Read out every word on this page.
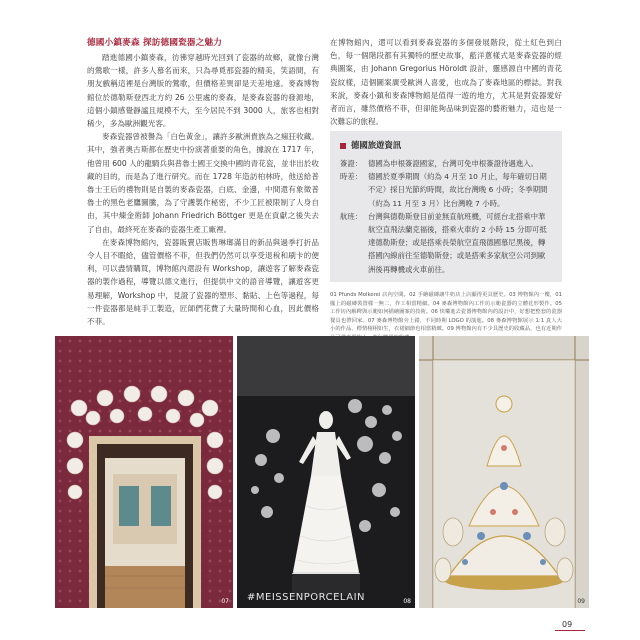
德國小鎮麥森 探訪德國瓷器之魅力

踏進德國小鎮麥森，彷彿穿越時光回到了瓷器的故鄉，就像台灣的鶯歌一樣，許多人慕名而來，只為尋覓那瓷器的精美，笑語間，有朋友戲稱這裡是台灣版的鶯歌，但價格差異卻是天差地遠。麥森博物館位於德勒斯登西北方約 26 公里處的麥森，是麥森瓷器的發源地，這個小鎮感覺靜謐且規模不大，至今居民不到 3000 人，旅客也相對稀少，多為歐洲觀光客。

麥森瓷器曾被譽為「白色黃金」，讓許多歐洲貴族為之瘋狂收藏。其中，強者奧古斯都在歷史中扮演著重要的角色，據說在 1717 年，他曾用 600 人的龍騎兵與普魯士國王交換中國的青花瓷，並非出於收藏的目的，而是為了進行研究。而在 1728 年造訪柏林時，他送給普魯士王后的禮物則是自製的麥森瓷器，白底、金邊，中間還有象徵普魯士的黑色老鷹圖騰，為了守護製作秘密，不少工匠被限制了人身自由，其中煉金術師 Johann Friedrich Böttger 更是在貢獻之後失去了自由，最終死在麥森的瓷器生產工廠裡。

在麥森博物館內，瓷器販賣店販售琳瑯滿目的新品與過季打折品令人目不暇給，儘管價格不菲，但我們仍然可以享受退稅和刷卡的便利，可以盡情購買，博物館內還設有 Workshop，讓遊客了解麥森瓷器的製作過程，導覽以德文進行，但提供中文的語音導覽，讓遊客更易理解，Workshop 中，見證了瓷器的塑形、黏貼、上色等過程，每一件瓷器都是純手工製造，匠師們花費了大量時間和心血，因此價格不菲。

在博物館內，還可以看到麥森瓷器的多個發展階段，從土紅色到白色，每一個階段都有其獨特的歷史故事，藍洋蔥樣式是麥森瓷器的經典圖案，由 Johann Gregorius Höroldt 設計，靈感源自中國的青花瓷紋樣，這個圖案廣受歐洲人喜愛，也成為了麥森地區的標誌。對我來說，麥森小鎮和麥森博物館是值得一遊的地方，尤其是對瓷器愛好者而言，雖然價格不菲，但卻能夠品味到瓷器的藝術魅力，這也是一次難忘的旅程。

德國旅遊資訊
簽證： 德國為申根簽證國家，台灣可免申根簽證待遇進入。
時差： 德國於夏季期間（約為 4 月至 10 月止，每年確切日期不定）採日光節約時間，故比台灣晚 6 小時；冬季期間（約為 11 月至 3 月）比台灣晚 7 小時。
航班： 台灣與德勒斯登目前並無直航班機，可經台北搭乘中華航空直飛法蘭克福後，搭乘火車約 2 小時 15 分即可抵達德勒斯登；或是搭乘長榮航空直飛德國慕尼黑後，轉搭國內線前往至德勒斯登；或是搭乘多家航空公司到歐洲後再轉機或火車前往。
01 Pfunds Molkerei 店內空間。02 手繪磁磚讓牛奶店上店顯得更具歷史。03 博物館內一樓，01 擺上的磁磚裝置樣一無二，作工相當精細。04 麥森博物館內工作坊示範瓷器的立體花形製作。05 工作坊內解釋與示範如何描繪圖案的技術。06 快樂進去瓷器博物館內的設計中，好想把整套的瓷器餐具也帶回家。07 麥森博物館旁上錯，不同時期 LOGO 的演進。08 麥森博物館展示 1:1 真人大小的作品，標情栩栩如生，衣裙細節也相當精緻。09 博物館內有不少具歷史的收藏品，也有近期作
07 #MEISSENPORCELAIN	08	09
09
